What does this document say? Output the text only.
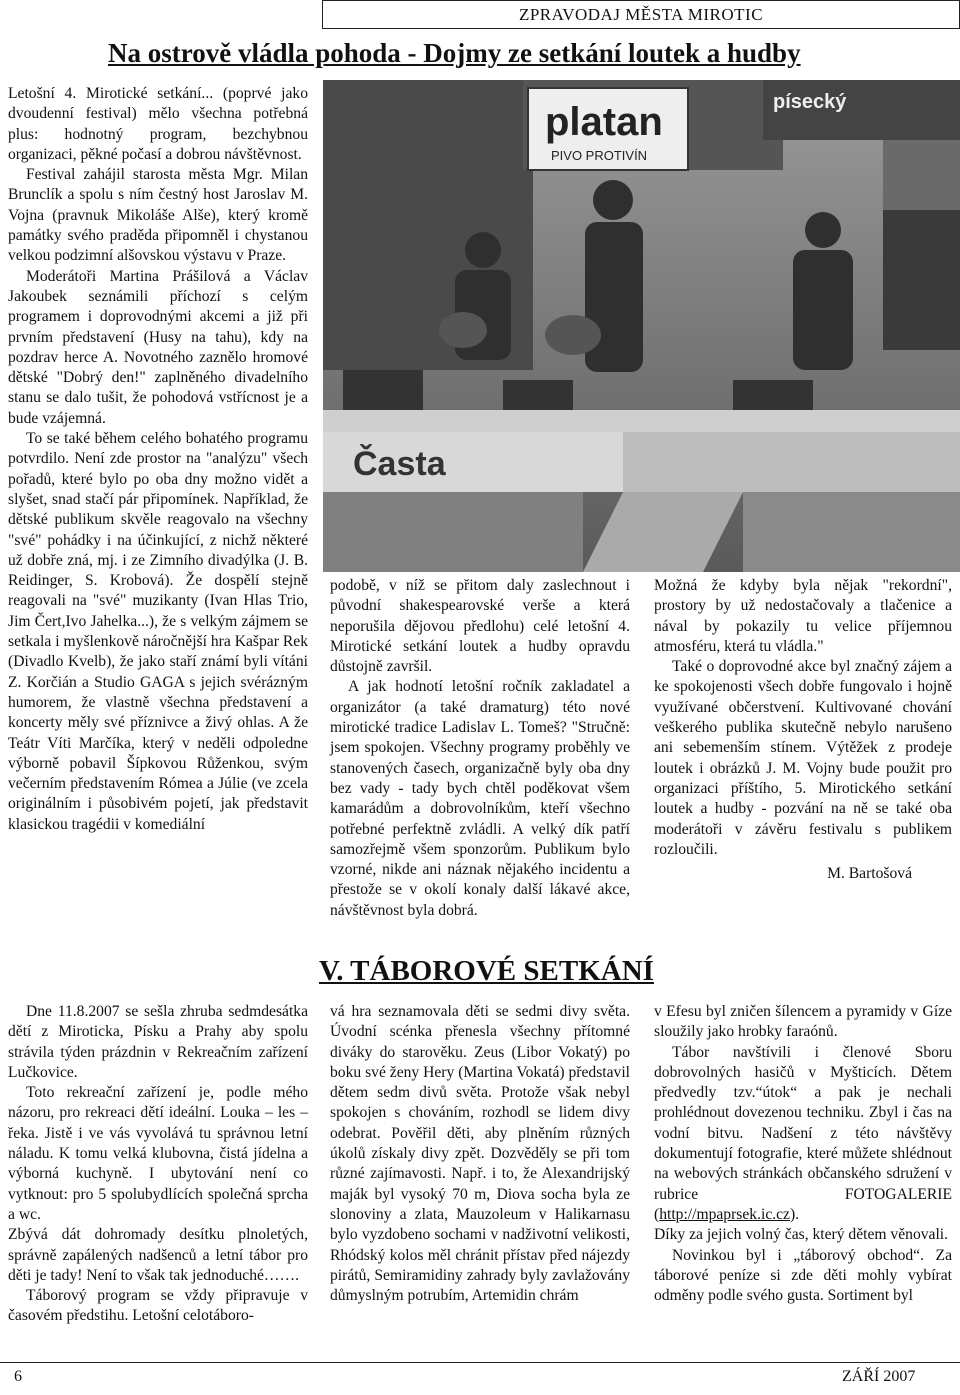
ZPRAVODAJ MĚSTA MIROTIC
Na ostrově vládla pohoda - Dojmy ze setkání loutek a hudby

Letošní 4. Mirotické setkání... (poprvé jako dvoudenní festival) mělo všechna potřebná plus: hodnotný program, bezchybnou organizaci, pěkné počasí a dobrou návštěvnost.

Festival zahájil starosta města Mgr. Milan Brunclík a spolu s ním čestný host Jaroslav M. Vojna (pravnuk Mikoláše Alše), který kromě památky svého praděda připomněl i chystanou velkou podzimní alšovskou výstavu v Praze.

Moderátoři Martina Prášilová a Václav Jakoubek seznámili příchozí s celým programem i doprovodnými akcemi a již při prvním představení (Husy na tahu), kdy na pozdrav herce A. Novotného zaznělo hromové dětské "Dobrý den!" zaplněného divadelního stanu se dalo tušit, že pohodová vstřícnost je a bude vzájemná.

To se také během celého bohatého programu potvrdilo. Není zde prostor na "analýzu" všech pořadů, které bylo po oba dny možno vidět a slyšet, snad stačí pár připomínek. Například, že dětské publikum skvěle reagovalo na všechny "své" pohádky i na účinkující, z nichž některé už dobře zná, mj. i ze Zimního divadýlka (J. B. Reidinger, S. Krobová). Že dospělí stejně reagovali na "své" muzikanty (Ivan Hlas Trio, Jim Čert,Ivo Jahelka...), že s velkým zájmem se setkala i myšlenkově náročnější hra Kašpar Rek (Divadlo Kvelb), že jako staří známí byli vítáni Z. Korčián a Studio GAGA s jejich svérázným humorem, že vlastně všechna představení a koncerty měly své příznivce a živý ohlas. A že Teátr Víti Marčíka, který v neděli odpoledne výborně pobavil Šípkovou Růženkou, svým večerním představením Rómea a Júlie (ve zcela originálním i působivém pojetí, jak představit klasickou tragédii v komediální

platan
PIVO PROTIVÍN
písecký
Časta

podobě, v níž se přitom daly zaslechnout i původní shakespearovské verše a která neporušila dějovou předlohu) celé letošní 4. Mirotické setkání loutek a hudby opravdu důstojně završil.

A jak hodnotí letošní ročník zakladatel a organizátor (a také dramaturg) této nové mirotické tradice Ladislav L. Tomeš? "Stručně: jsem spokojen. Všechny programy proběhly ve stanovených časech, organizačně byly oba dny bez vady - tady bych chtěl poděkovat všem kamarádům a dobrovolníkům, kteří všechno potřebné perfektně zvládli. A velký dík patří samozřejmě všem sponzorům. Publikum bylo vzorné, nikde ani náznak nějakého incidentu a přestože se v okolí konaly další lákavé akce, návštěvnost byla dobrá.

Možná že kdyby byla nějak "rekordní", prostory by už nedostačovaly a tlačenice a nával by pokazily tu velice příjemnou atmosféru, která tu vládla."

Také o doprovodné akce byl značný zájem a ke spokojenosti všech dobře fungovalo i hojně využívané občerstvení. Kultivované chování veškerého publika skutečně nebylo narušeno ani sebemenším stínem. Výtěžek z prodeje loutek i obrázků J. M. Vojny bude použit pro organizaci příštího, 5. Mirotického setkání loutek a hudby - pozvání na ně se také oba moderátoři v závěru festivalu s publikem rozloučili.

M. Bartošová

V. TÁBOROVÉ SETKÁNÍ

Dne 11.8.2007 se sešla zhruba sedmdesátka dětí z Miroticka, Písku a Prahy aby spolu strávila týden prázdnin v Rekreačním zařízení Lučkovice.

Toto rekreační zařízení je, podle mého názoru, pro rekreaci dětí ideální. Louka – les – řeka. Jistě i ve vás vyvolává tu správnou letní náladu. K tomu velká klubovna, čistá jídelna a výborná kuchyně. I ubytování není co vytknout: pro 5 spolubydlících společná sprcha a wc.

Zbývá dát dohromady desítku plnoletých, správně zapálených nadšenců a letní tábor pro děti je tady! Není to však tak jednoduché…….

Táborový program se vždy připravuje v časovém předstihu. Letošní celotáboro-

vá hra seznamovala děti se sedmi divy světa. Úvodní scénka přenesla všechny přítomné diváky do starověku. Zeus (Libor Vokatý) po boku své ženy Hery (Martina Vokatá) představil dětem sedm divů světa. Protože však nebyl spokojen s chováním, rozhodl se lidem divy odebrat. Pověřil děti, aby plněním různých úkolů získaly divy zpět. Dozvěděly se při tom různé zajímavosti. Např. i to, že Alexandrijský maják byl vysoký 70 m, Diova socha byla ze slonoviny a zlata, Mauzoleum v Halikarnasu bylo vyzdobeno sochami v nadživotní velikosti, Rhódský kolos měl chránit přístav před nájezdy pirátů, Semiramidiny zahrady byly zavlažovány důmyslným potrubím, Artemidin chrám

v Efesu byl zničen šílencem a pyramidy v Gíze sloužily jako hrobky faraónů.

Tábor navštívili i členové Sboru dobrovolných hasičů v Myšticích. Dětem předvedly tzv.“útok“ a pak je nechali prohlédnout dovezenou techniku. Zbyl i čas na vodní bitvu. Nadšení z této návštěvy dokumentují fotografie, které můžete shlédnout na webových stránkách občanského sdružení v rubrice FOTOGALERIE (http://mpaprsek.ic.cz).

Díky za jejich volný čas, který dětem věnovali.

Novinkou byl i „táborový obchod“. Za táborové peníze si zde děti mohly vybírat odměny podle svého gusta. Sortiment byl

6	ZÁŘÍ 2007
